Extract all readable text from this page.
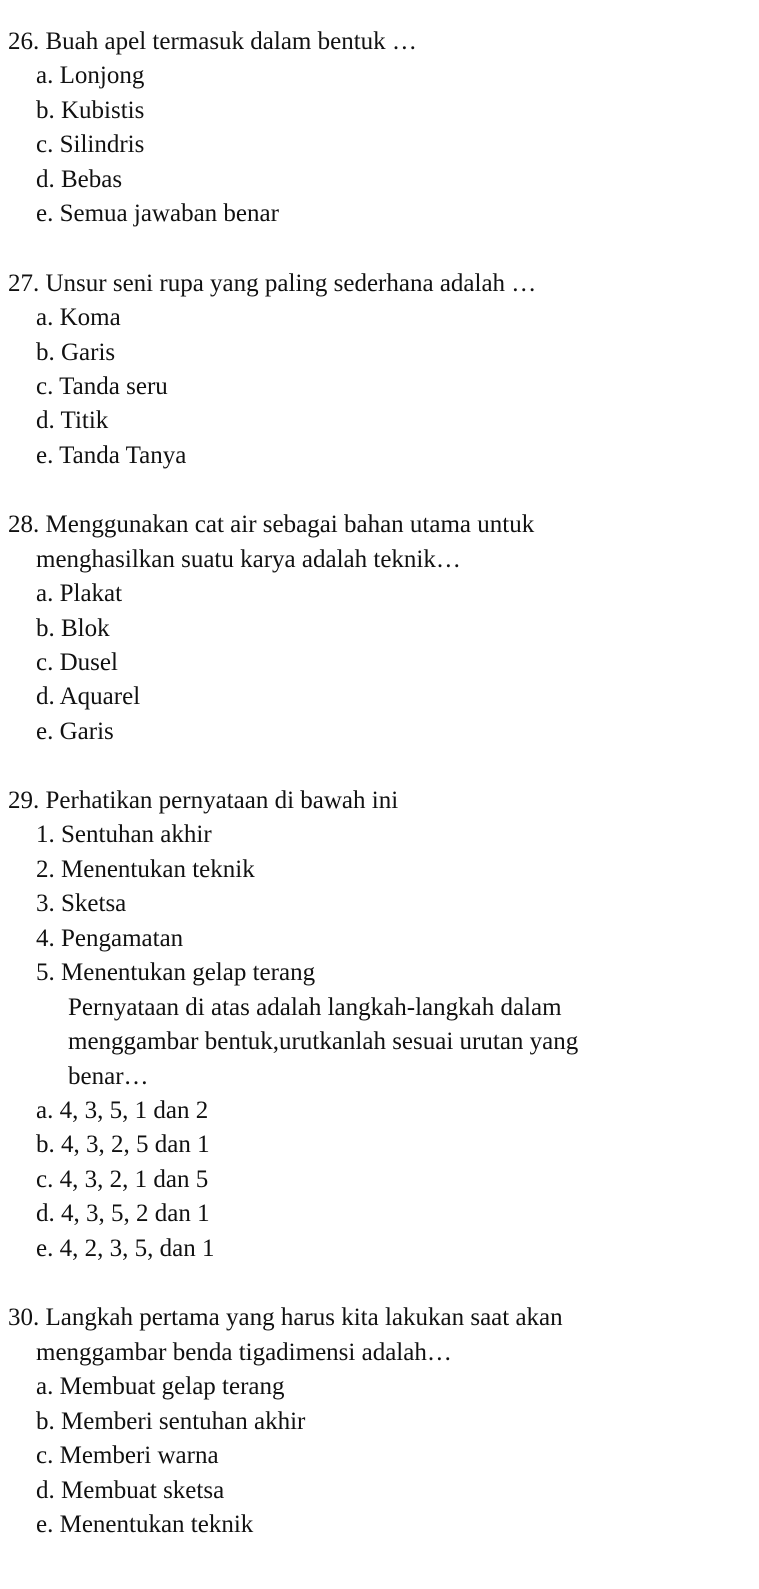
26. Buah apel termasuk dalam bentuk …
a. Lonjong
b. Kubistis
c. Silindris
d. Bebas
e. Semua jawaban benar
27. Unsur seni rupa yang paling sederhana adalah …
a. Koma
b. Garis
c. Tanda seru
d. Titik
e. Tanda Tanya
28. Menggunakan cat air sebagai bahan utama untuk
menghasilkan suatu karya adalah teknik…
a. Plakat
b. Blok
c. Dusel
d. Aquarel
e. Garis
29. Perhatikan pernyataan di bawah ini
1. Sentuhan akhir
2. Menentukan teknik
3. Sketsa
4. Pengamatan
5. Menentukan gelap terang
Pernyataan di atas adalah langkah-langkah dalam
menggambar bentuk,urutkanlah sesuai urutan yang
benar…
a. 4, 3, 5, 1 dan 2
b. 4, 3, 2, 5 dan 1
c. 4, 3, 2, 1 dan 5
d. 4, 3, 5, 2 dan 1
e. 4, 2, 3, 5, dan 1
30. Langkah pertama yang harus kita lakukan saat akan
menggambar benda tigadimensi adalah…
a. Membuat gelap terang
b. Memberi sentuhan akhir
c. Memberi warna
d. Membuat sketsa
e. Menentukan teknik
